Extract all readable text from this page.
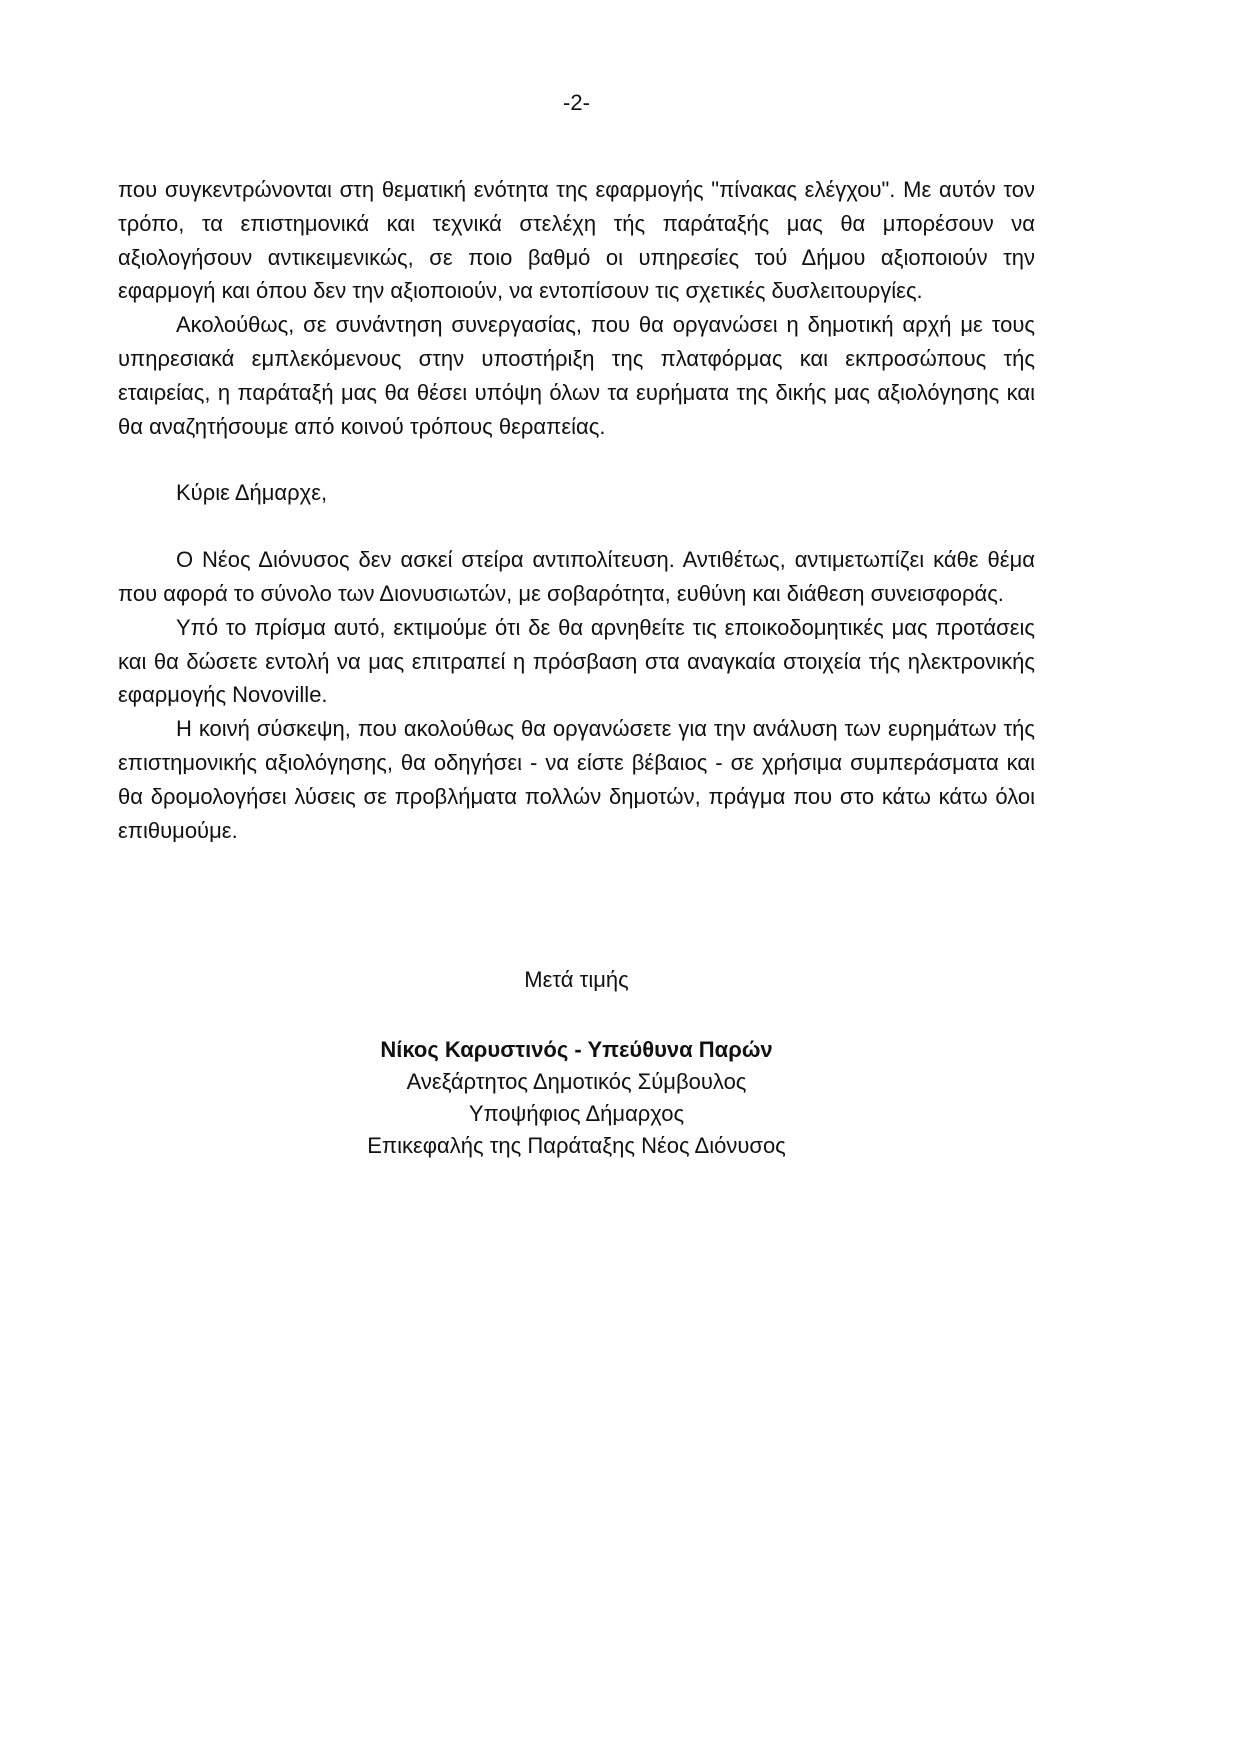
-2-

που συγκεντρώνονται στη θεματική ενότητα της εφαρμογής "πίνακας ελέγχου". Με αυτόν τον τρόπο, τα επιστημονικά και τεχνικά στελέχη τής παράταξής μας θα μπορέσουν να αξιολογήσουν αντικειμενικώς, σε ποιο βαθμό οι υπηρεσίες τού Δήμου αξιοποιούν την εφαρμογή και όπου δεν την αξιοποιούν, να εντοπίσουν τις σχετικές δυσλειτουργίες.

Ακολούθως, σε συνάντηση συνεργασίας, που θα οργανώσει η δημοτική αρχή με τους υπηρεσιακά εμπλεκόμενους στην υποστήριξη της πλατφόρμας και εκπροσώπους τής εταιρείας, η παράταξή μας θα θέσει υπόψη όλων τα ευρήματα της δικής μας αξιολόγησης και θα αναζητήσουμε από κοινού τρόπους θεραπείας.

Κύριε Δήμαρχε,

Ο Νέος Διόνυσος δεν ασκεί στείρα αντιπολίτευση. Αντιθέτως, αντιμετωπίζει κάθε θέμα που αφορά το σύνολο των Διονυσιωτών, με σοβαρότητα, ευθύνη και διάθεση συνεισφοράς.

Υπό το πρίσμα αυτό, εκτιμούμε ότι δε θα αρνηθείτε τις εποικοδομητικές μας προτάσεις και θα δώσετε εντολή να μας επιτραπεί η πρόσβαση στα αναγκαία στοιχεία τής ηλεκτρονικής εφαρμογής Novoville.

Η κοινή σύσκεψη, που ακολούθως θα οργανώσετε για την ανάλυση των ευρημάτων τής επιστημονικής αξιολόγησης, θα οδηγήσει - να είστε βέβαιος - σε χρήσιμα συμπεράσματα και θα δρομολογήσει λύσεις σε προβλήματα πολλών δημοτών, πράγμα που στο κάτω κάτω όλοι επιθυμούμε.

Μετά τιμής
Νίκος Καρυστινός - Υπεύθυνα Παρών
Ανεξάρτητος Δημοτικός Σύμβουλος
Υποψήφιος Δήμαρχος
Επικεφαλής της Παράταξης Νέος Διόνυσος
